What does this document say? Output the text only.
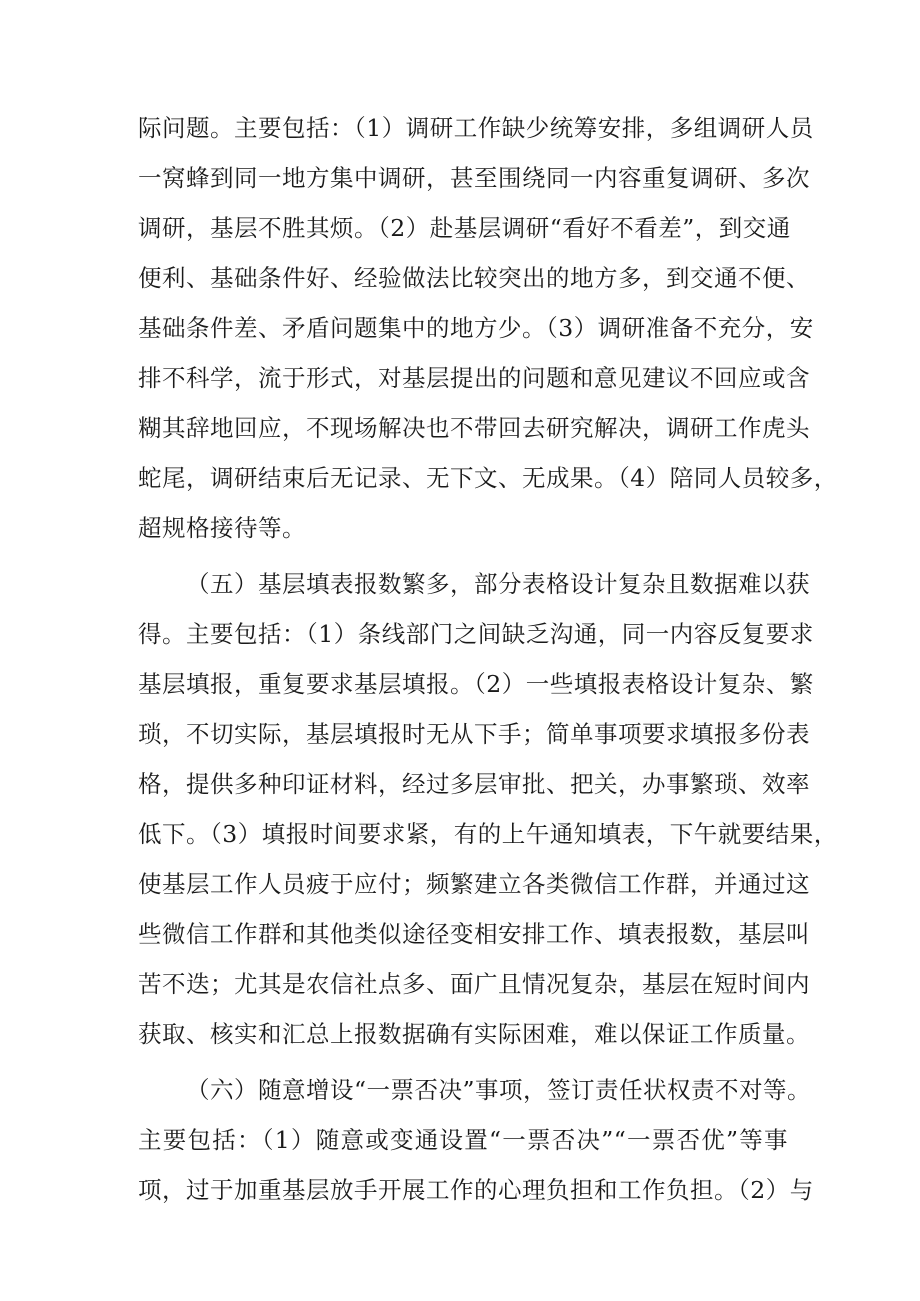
际问题。主要包括：（1）调研工作缺少统筹安排，多组调研人员
一窝蜂到同一地方集中调研，甚至围绕同一内容重复调研、多次
调研，基层不胜其烦。（2）赴基层调研“看好不看差”，到交通
便利、基础条件好、经验做法比较突出的地方多，到交通不便、
基础条件差、矛盾问题集中的地方少。（3）调研准备不充分，安
排不科学，流于形式，对基层提出的问题和意见建议不回应或含
糊其辞地回应，不现场解决也不带回去研究解决，调研工作虎头
蛇尾，调研结束后无记录、无下文、无成果。（4）陪同人员较多，
超规格接待等。
（五）基层填表报数繁多，部分表格设计复杂且数据难以获
得。主要包括：（1）条线部门之间缺乏沟通，同一内容反复要求
基层填报，重复要求基层填报。（2）一些填报表格设计复杂、繁
琐，不切实际，基层填报时无从下手；简单事项要求填报多份表
格，提供多种印证材料，经过多层审批、把关，办事繁琐、效率
低下。（3）填报时间要求紧，有的上午通知填表，下午就要结果，
使基层工作人员疲于应付；频繁建立各类微信工作群，并通过这
些微信工作群和其他类似途径变相安排工作、填表报数，基层叫
苦不迭；尤其是农信社点多、面广且情况复杂，基层在短时间内
获取、核实和汇总上报数据确有实际困难，难以保证工作质量。
（六）随意增设“一票否决”事项，签订责任状权责不对等。
主要包括：（1）随意或变通设置“一票否决”“一票否优”等事
项，过于加重基层放手开展工作的心理负担和工作负担。（2）与
